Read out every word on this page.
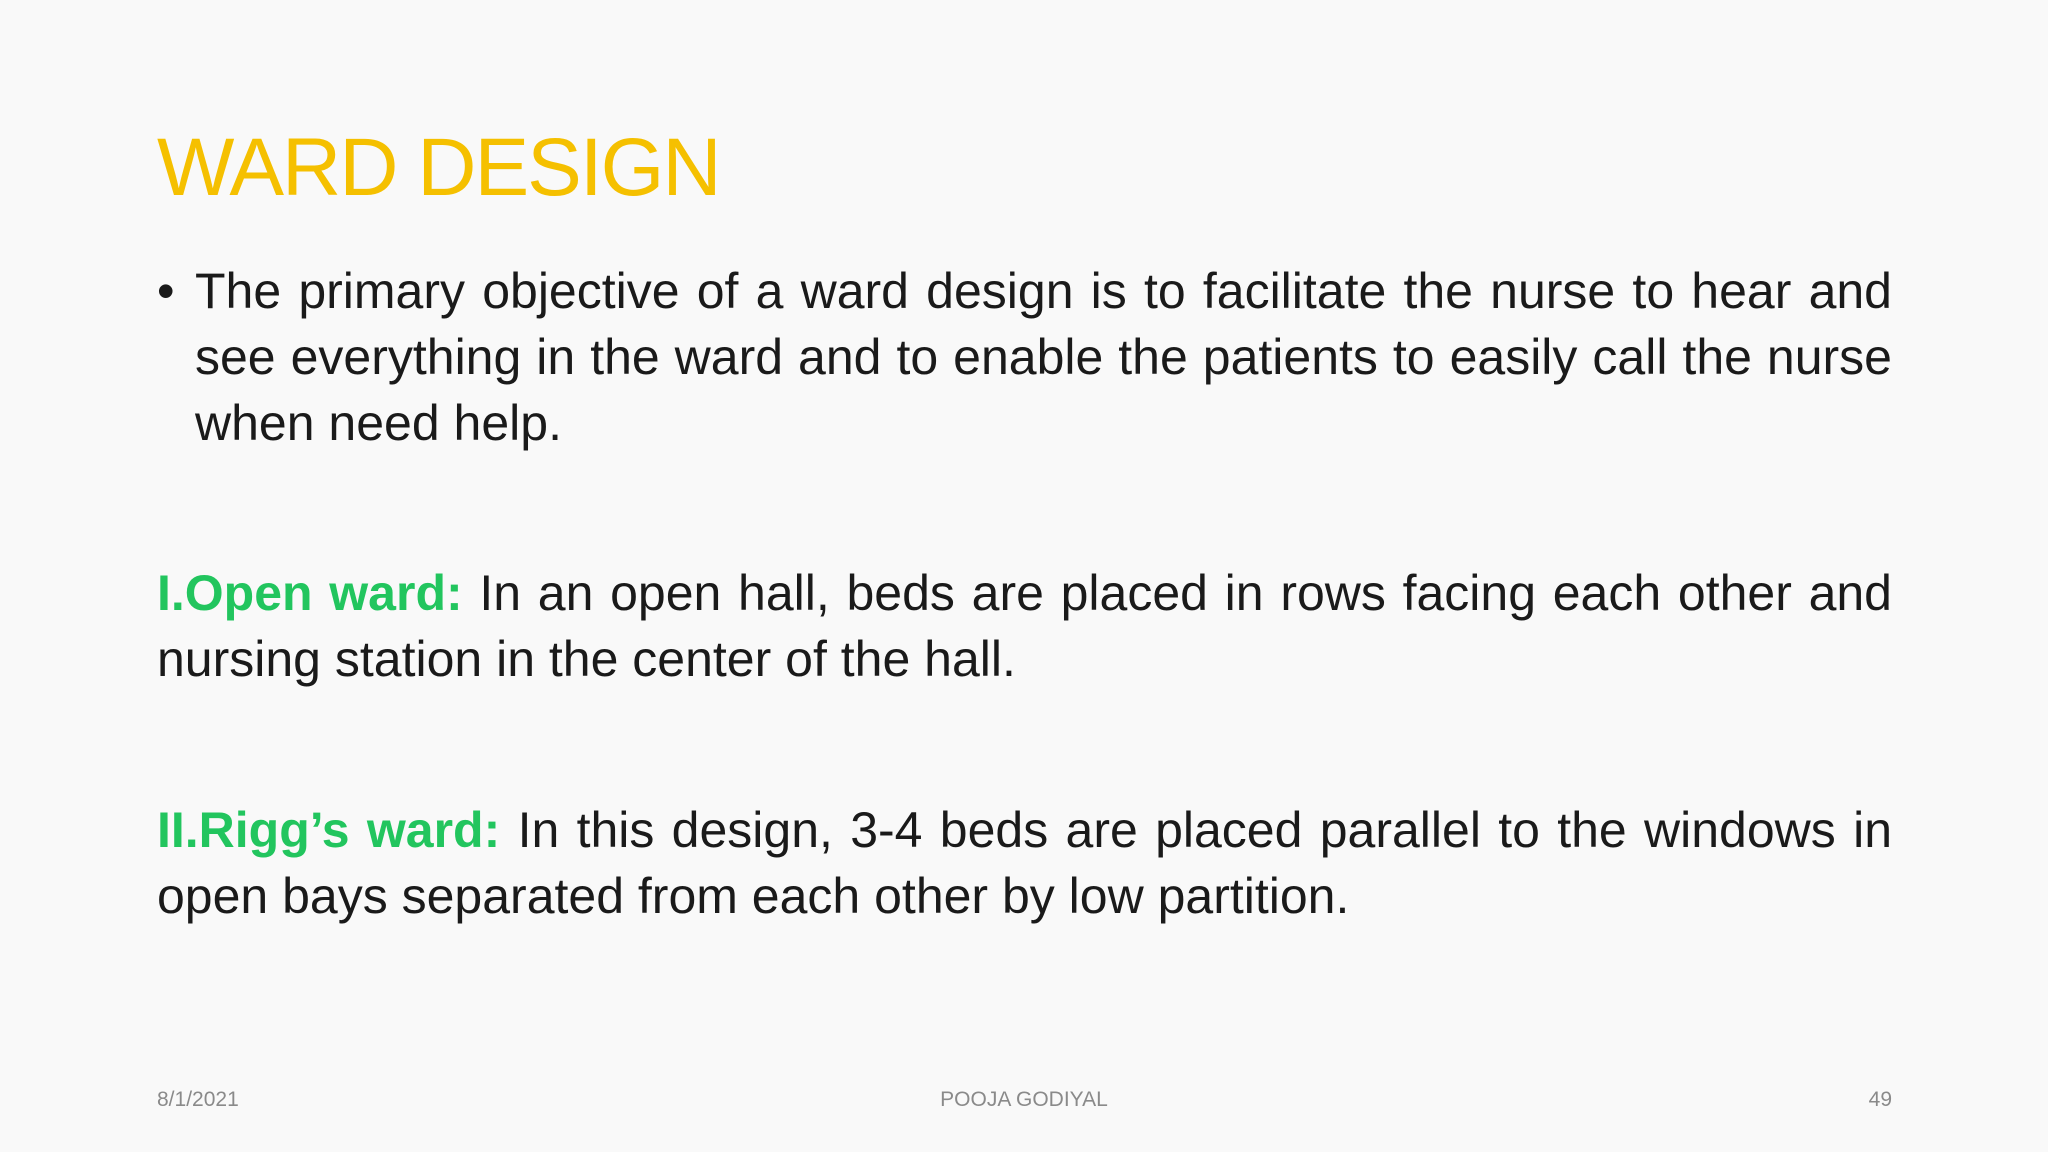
WARD DESIGN
• The primary objective of a ward design is to facilitate the nurse to hear and see everything in the ward and to enable the patients to easily call the nurse when need help.
I.Open ward: In an open hall, beds are placed in rows facing each other and nursing station in the center of the hall.
II.Rigg’s ward: In this design, 3-4 beds are placed parallel to the windows in open bays separated from each other by low partition.
8/1/2021	POOJA GODIYAL	49
